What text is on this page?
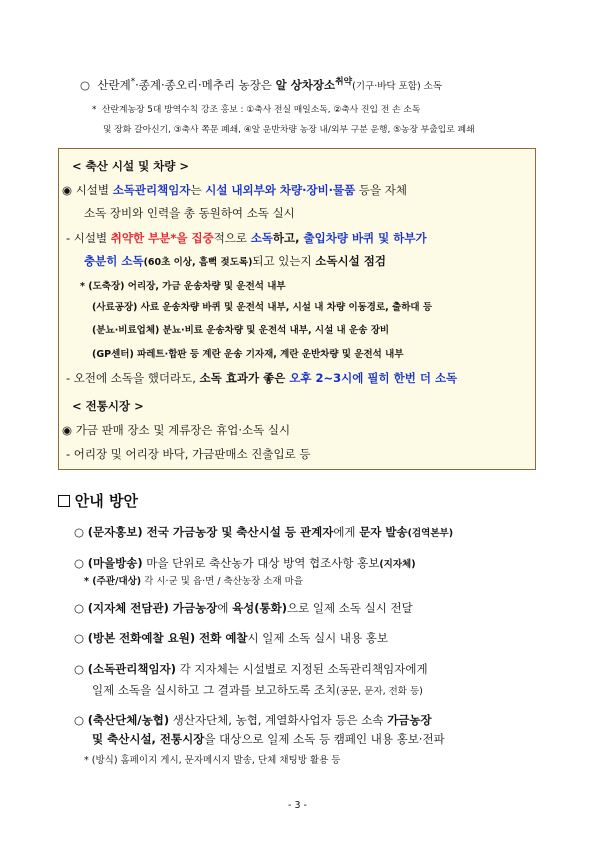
○ 산란계*·종계·종오리·메추리 농장은 알 상차장소$^{취약}$(기구·바닥 포함) 소독
* 산란계농장 5대 방역수칙 강조 홍보 : ①축사 전실 매일소독, ②축사 진입 전 손 소독
및 장화 갈아신기, ③축사 쪽문 폐쇄, ④알 운반차량 농장 내/외부 구분 운행, ⑤농장 부출입로 폐쇄
< 축산 시설 및 차량 >
◉ 시설별 소독관리책임자는 시설 내외부와 차량·장비·물품 등을 자체
소독 장비와 인력을 총 동원하여 소독 실시
- 시설별 취약한 부분*을 집중적으로 소독하고, 출입차량 바퀴 및 하부가
충분히 소독(60초 이상, 흠뻑 젖도록)되고 있는지 소독시설 점검
* (도축장) 어리장, 가금 운송차량 및 운전석 내부
(사료공장) 사료 운송차량 바퀴 및 운전석 내부, 시설 내 차량 이동경로, 출하대 등
(분뇨·비료업체) 분뇨·비료 운송차량 및 운전석 내부, 시설 내 운송 장비
(GP센터) 파레트·합판 등 계란 운송 기자재, 계란 운반차량 및 운전석 내부
- 오전에 소독을 했더라도, 소독 효과가 좋은 오후 2~3시에 필히 한번 더 소독
< 전통시장 >
◉ 가금 판매 장소 및 계류장은 휴업·소독 실시
- 어리장 및 어리장 바닥, 가금판매소 진출입로 등
안내 방안
○ (문자홍보) 전국 가금농장 및 축산시설 등 관계자에게 문자 발송(검역본부)
○ (마을방송) 마을 단위로 축산농가 대상 방역 협조사항 홍보(지자체)
* (주관/대상) 각 시·군 및 읍·면 / 축산농장 소재 마을
○ (지자체 전담관) 가금농장에 육성(통화)으로 일제 소독 실시 전달
○ (방본 전화예찰 요원) 전화 예찰시 일제 소독 실시 내용 홍보
○ (소독관리책임자) 각 지자체는 시설별로 지정된 소독관리책임자에게
일제 소독을 실시하고 그 결과를 보고하도록 조치(공문, 문자, 전화 등)
○ (축산단체/농협) 생산자단체, 농협, 계열화사업자 등은 소속 가금농장
및 축산시설, 전통시장을 대상으로 일제 소독 등 캠페인 내용 홍보·전파
* (방식) 홈페이지 게시, 문자메시지 발송, 단체 채팅방 활용 등
- 3 -
